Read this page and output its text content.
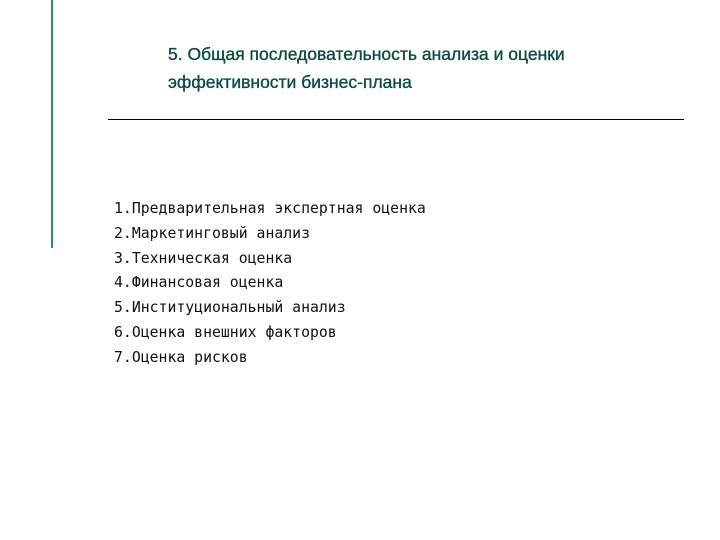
5. Общая последовательность анализа и оценки
эффективности бизнес-плана
1.Предварительная экспертная оценка
2.Маркетинговый анализ
3.Техническая оценка
4.Финансовая оценка
5.Институциональный анализ
6.Оценка внешних факторов
7.Оценка рисков
